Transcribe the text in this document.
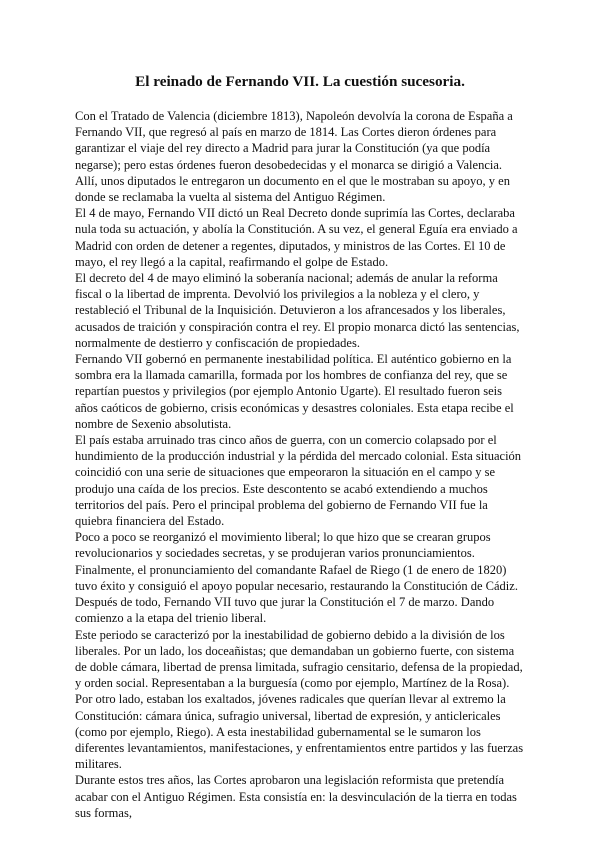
El reinado de Fernando VII. La cuestión sucesoria.

Con el Tratado de Valencia (diciembre 1813), Napoleón devolvía la corona de España a Fernando VII, que regresó al país en marzo de 1814. Las Cortes dieron órdenes para garantizar el viaje del rey directo a Madrid para jurar la Constitución (ya que podía negarse); pero estas órdenes fueron desobedecidas y el monarca se dirigió a Valencia. Allí, unos diputados le entregaron un documento en el que le mostraban su apoyo, y en donde se reclamaba la vuelta al sistema del Antiguo Régimen.

El 4 de mayo, Fernando VII dictó un Real Decreto donde suprimía las Cortes, declaraba nula toda su actuación, y abolía la Constitución. A su vez, el general Eguía era enviado a Madrid con orden de detener a regentes, diputados, y ministros de las Cortes. El 10 de mayo, el rey llegó a la capital, reafirmando el golpe de Estado.

El decreto del 4 de mayo eliminó la soberanía nacional; además de anular la reforma fiscal o la libertad de imprenta. Devolvió los privilegios a la nobleza y el clero, y restableció el Tribunal de la Inquisición. Detuvieron a los afrancesados y los liberales, acusados de traición y conspiración contra el rey. El propio monarca dictó las sentencias, normalmente de destierro y confiscación de propiedades.

Fernando VII gobernó en permanente inestabilidad política. El auténtico gobierno en la sombra era la llamada camarilla, formada por los hombres de confianza del rey, que se repartían puestos y privilegios (por ejemplo Antonio Ugarte). El resultado fueron seis años caóticos de gobierno, crisis económicas y desastres coloniales. Esta etapa recibe el nombre de Sexenio absolutista.

El país estaba arruinado tras cinco años de guerra, con un comercio colapsado por el hundimiento de la producción industrial y la pérdida del mercado colonial. Esta situación coincidió con una serie de situaciones que empeoraron la situación en el campo y se produjo una caída de los precios. Este descontento se acabó extendiendo a muchos territorios del país. Pero el principal problema del gobierno de Fernando VII fue la quiebra financiera del Estado.

Poco a poco se reorganizó el movimiento liberal; lo que hizo que se crearan grupos revolucionarios y sociedades secretas, y se produjeran varios pronunciamientos. Finalmente, el pronunciamiento del comandante Rafael de Riego (1 de enero de 1820) tuvo éxito y consiguió el apoyo popular necesario, restaurando la Constitución de Cádiz. Después de todo, Fernando VII tuvo que jurar la Constitución el 7 de marzo. Dando comienzo a la etapa del trienio liberal.

Este periodo se caracterizó por la inestabilidad de gobierno debido a la división de los liberales. Por un lado, los doceañistas; que demandaban un gobierno fuerte, con sistema de doble cámara, libertad de prensa limitada, sufragio censitario, defensa de la propiedad, y orden social. Representaban a la burguesía (como por ejemplo, Martínez de la Rosa). Por otro lado, estaban los exaltados, jóvenes radicales que querían llevar al extremo la Constitución: cámara única, sufragio universal, libertad de expresión, y anticlericales (como por ejemplo, Riego). A esta inestabilidad gubernamental se le sumaron los diferentes levantamientos, manifestaciones, y enfrentamientos entre partidos y las fuerzas militares.

Durante estos tres años, las Cortes aprobaron una legislación reformista que pretendía acabar con el Antiguo Régimen. Esta consistía en: la desvinculación de la tierra en todas sus formas,
